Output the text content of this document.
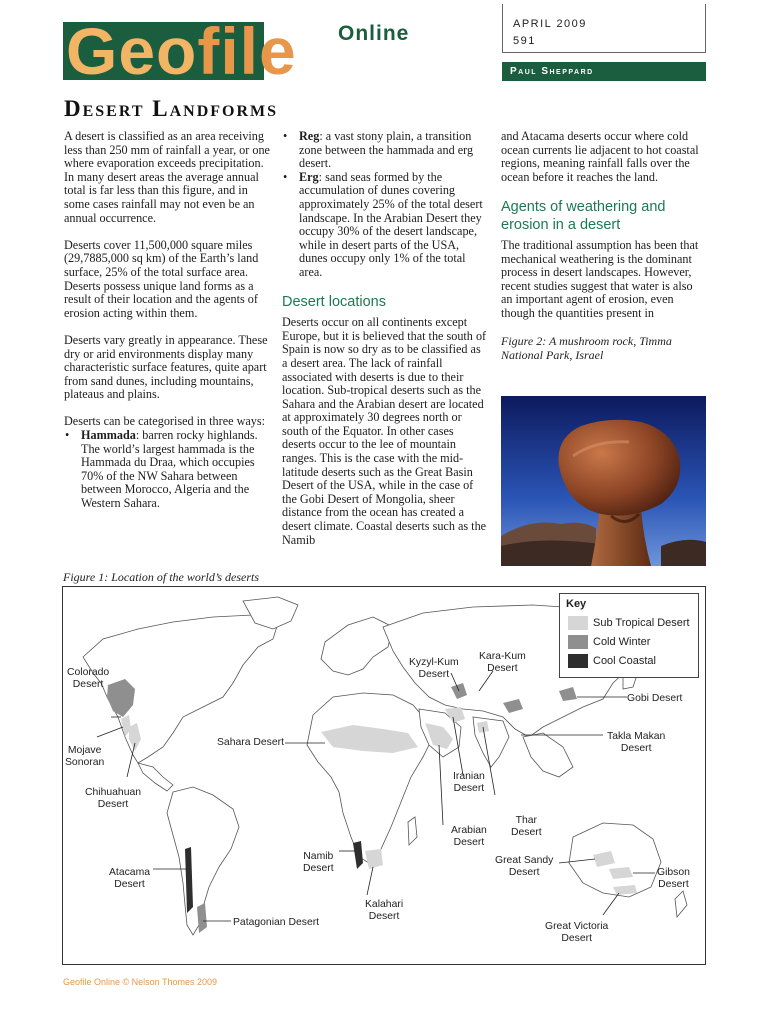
Geofile Online	APRIL 2009
591
Paul Sheppard
Desert Landforms

A desert is classified as an area receiving less than 250 mm of rainfall a year, or one where evaporation exceeds precipitation. In many desert areas the average annual total is far less than this figure, and in some cases rainfall may not even be an annual occurrence.

Deserts cover 11,500,000 square miles (29,7885,000 sq km) of the Earth’s land surface, 25% of the total surface area. Deserts possess unique land forms as a result of their location and the agents of erosion acting within them.

Deserts vary greatly in appearance. These dry or arid environments display many characteristic surface features, quite apart from sand dunes, including mountains, plateaus and plains.

Deserts can be categorised in three ways:

• Hammada: barren rocky highlands. The world’s largest hammada is the Hammada du Draa, which occupies 70% of the NW Sahara between between Morocco, Algeria and the Western Sahara.
• Reg: a vast stony plain, a transition zone between the hammada and erg desert.
• Erg: sand seas formed by the accumulation of dunes covering approximately 25% of the total desert landscape. In the Arabian Desert they occupy 30% of the desert landscape, while in desert parts of the USA, dunes occupy only 1% of the total area.
Desert locations

Deserts occur on all continents except Europe, but it is believed that the south of Spain is now so dry as to be classified as a desert area. The lack of rainfall associated with deserts is due to their location. Sub-tropical deserts such as the Sahara and the Arabian desert are located at approximately 30 degrees north or south of the Equator. In other cases deserts occur to the lee of mountain ranges. This is the case with the mid-latitude deserts such as the Great Basin Desert of the USA, while in the case of the Gobi Desert of Mongolia, sheer distance from the ocean has created a desert climate. Coastal deserts such as the Namib

and Atacama deserts occur where cold ocean currents lie adjacent to hot coastal regions, meaning rainfall falls over the ocean before it reaches the land.

Agents of weathering and erosion in a desert

The traditional assumption has been that mechanical weathering is the dominant process in desert landscapes. However, recent studies suggest that water is also an important agent of erosion, even though the quantities present in

Figure 2: A mushroom rock, Timma National Park, Israel
Figure 1: Location of the world’s deserts
Colorado
Desert
Mojave
Sonoran
Chihuahuan
Desert
Sahara Desert
Kyzyl-Kum
Desert
Kara-Kum
Desert
Gobi Desert
Takla Makan
Desert
Iranian
Desert
Thar
Desert
Arabian
Desert
Great Sandy
Desert	Gibson
Desert
Great Victoria
Desert
Namib
Desert
Kalahari
Desert
Atacama
Desert
Patagonian Desert
Key
Sub Tropical Desert
Cold Winter
Cool Coastal
Geofile Online © Nelson Thomes 2009
